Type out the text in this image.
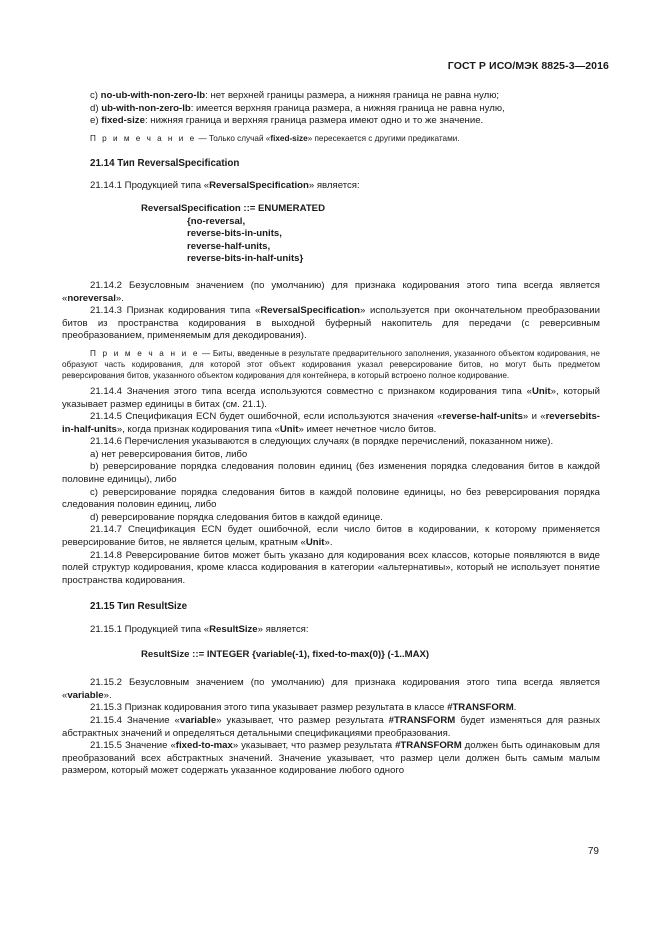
ГОСТ Р ИСО/МЭК 8825-3—2016

c) no-ub-with-non-zero-lb: нет верхней границы размера, а нижняя граница не равна нулю;

d) ub-with-non-zero-lb: имеется верхняя граница размера, а нижняя граница не равна нулю,

e) fixed-size: нижняя граница и верхняя граница размера имеют одно и то же значение.

П р и м е ч а н и е — Только случай «fixed-size» пересекается с другими предикатами.

21.14 Тип ReversalSpecification

21.14.1 Продукцией типа «ReversalSpecification» является:

ReversalSpecification ::= ENUMERATED
{no-reversal,
reverse-bits-in-units,
reverse-half-units,
reverse-bits-in-half-units}

21.14.2 Безусловным значением (по умолчанию) для признака кодирования этого типа всегда является «noreversal».

21.14.3 Признак кодирования типа «ReversalSpecification» используется при окончательном преобразовании битов из пространства кодирования в выходной буферный накопитель для передачи (с реверсивным преобразованием, применяемым для декодирования).

П р и м е ч а н и е — Биты, введенные в результате предварительного заполнения, указанного объектом кодирования, не образуют часть кодирования, для которой этот объект кодирования указал реверсирование битов, но могут быть предметом реверсирования битов, указанного объектом кодирования для контейнера, в который встроено полное кодирование.

21.14.4 Значения этого типа всегда используются совместно с признаком кодирования типа «Unit», который указывает размер единицы в битах (см. 21.1).

21.14.5 Спецификация ECN будет ошибочной, если используются значения «reverse-half-units» и «reversebits-in-half-units», когда признак кодирования типа «Unit» имеет нечетное число битов.

21.14.6 Перечисления указываются в следующих случаях (в порядке перечислений, показанном ниже).

а) нет реверсирования битов, либо

b) реверсирование порядка следования половин единиц (без изменения порядка следования битов в каждой половине единицы), либо

c) реверсирование порядка следования битов в каждой половине единицы, но без реверсирования порядка следования половин единиц, либо

d) реверсирование порядка следования битов в каждой единице.

21.14.7 Спецификация ECN будет ошибочной, если число битов в кодировании, к которому применяется реверсирование битов, не является целым, кратным «Unit».

21.14.8 Реверсирование битов может быть указано для кодирования всех классов, которые появляются в виде полей структур кодирования, кроме класса кодирования в категории «альтернативы», который не использует понятие пространства кодирования.

21.15 Тип ResultSize

21.15.1 Продукцией типа «ResultSize» является:

ResultSize ::= INTEGER {variable(-1), fixed-to-max(0)} (-1..MAX)

21.15.2 Безусловным значением (по умолчанию) для признака кодирования этого типа всегда является «variable».

21.15.3 Признак кодирования этого типа указывает размер результата в классе #TRANSFORM.

21.15.4 Значение «variable» указывает, что размер результата #TRANSFORM будет изменяться для разных абстрактных значений и определяться детальными спецификациями преобразования.

21.15.5 Значение «fixed-to-max» указывает, что размер результата #TRANSFORM должен быть одинаковым для преобразований всех абстрактных значений. Значение указывает, что размер цели должен быть самым малым размером, который может содержать указанное кодирование любого одного

79
